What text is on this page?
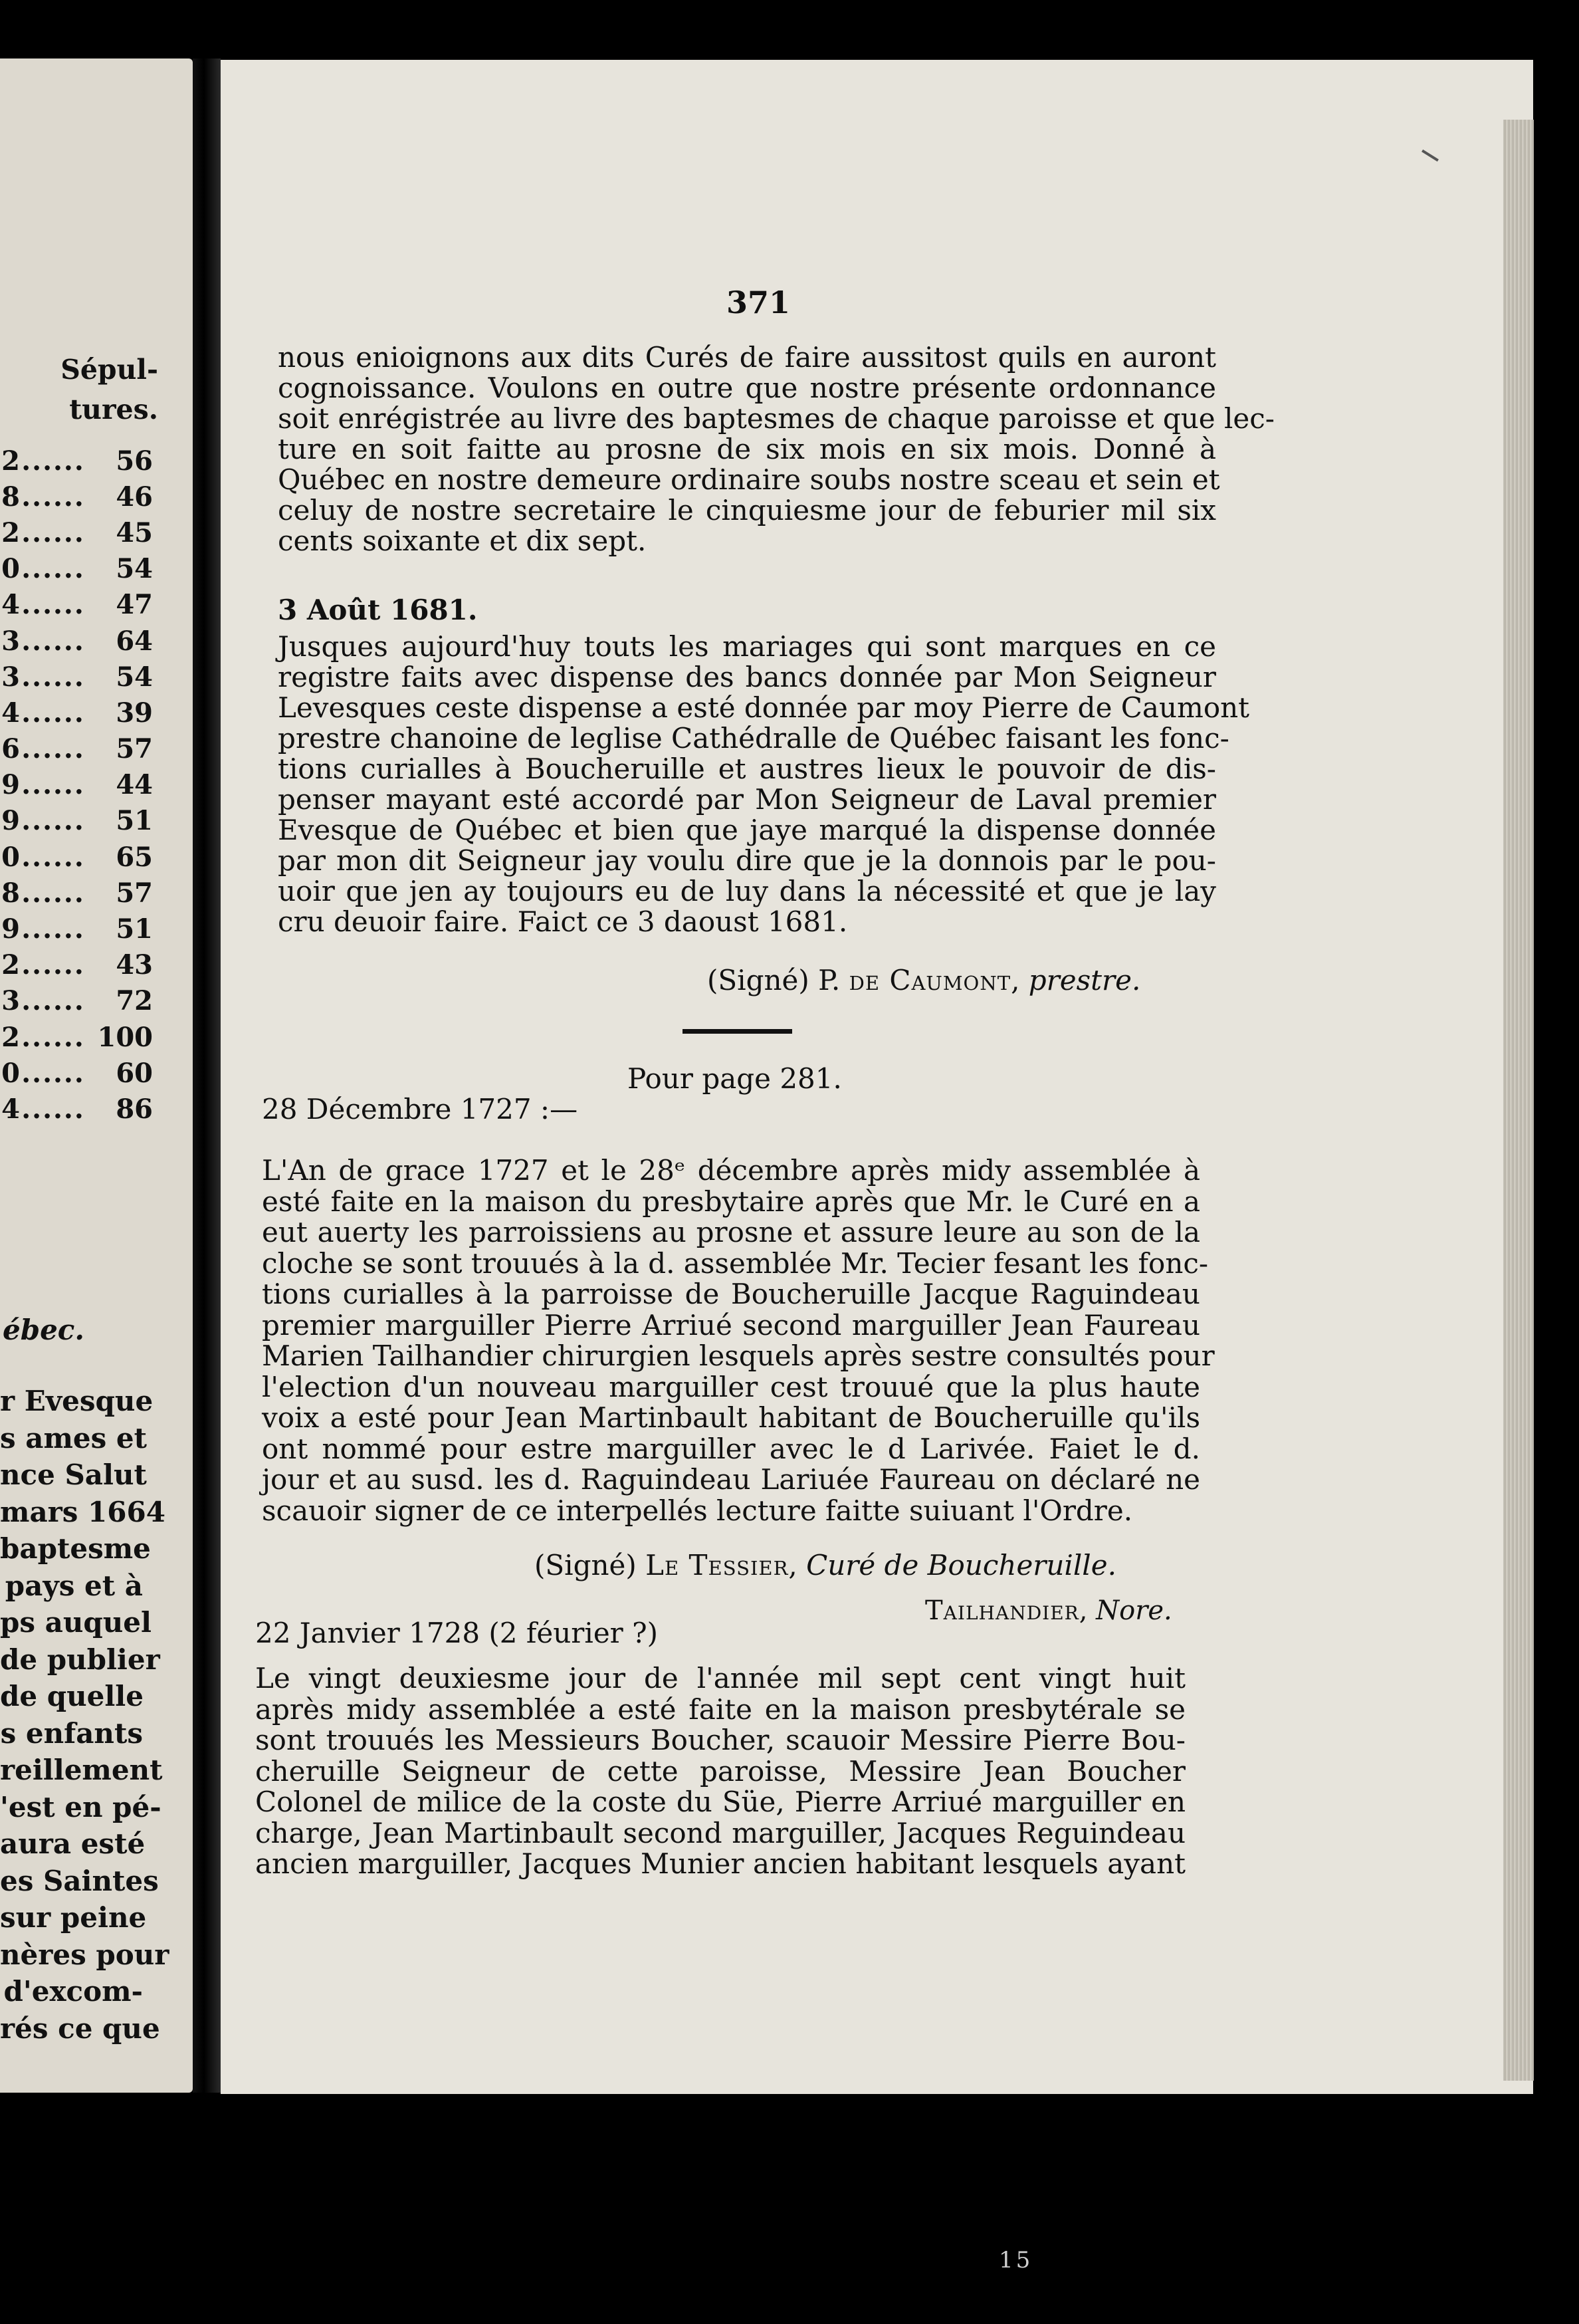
Sépul-
tures.
2 ......	56
8 ......	46
2 ......	45
0 ......	54
4 ......	47
3 ......	64
3 ......	54
4 ......	39
6 ......	57
9 ......	44
9 ......	51
0 ......	65
8 ......	57
9 ......	51
2 ......	43
3 ......	72
2 ...... 100
0 ......	60
4 ......	86
ébec.
r Evesque
s ames et
nce Salut
mars 1664
baptesme
pays et à
ps auquel
de publier
de quelle
s enfants
reillement
'est en pé-
aura esté
es Saintes
sur peine
nères pour
d'excom-
rés ce que
371
nous enioignons aux dits Curés de faire aussitost quils en auront
cognoissance. Voulons en outre que nostre présente ordonnance
soit enrégistrée au livre des baptesmes de chaque paroisse et que lec-
ture en soit faitte au prosne de six mois en six mois. Donné à
Québec en nostre demeure ordinaire soubs nostre sceau et sein et
celuy de nostre secretaire le cinquiesme jour de feburier mil six
cents soixante et dix sept.
3 Août 1681.
Jusques aujourd'huy touts les mariages qui sont marques en ce
registre faits avec dispense des bancs donnée par Mon Seigneur
Levesques ceste dispense a esté donnée par moy Pierre de Caumont
prestre chanoine de leglise Cathédralle de Québec faisant les fonc-
tions curialles à Boucheruille et austres lieux le pouvoir de dis-
penser mayant esté accordé par Mon Seigneur de Laval premier
Evesque de Québec et bien que jaye marqué la dispense donnée
par mon dit Seigneur jay voulu dire que je la donnois par le pou-
uoir que jen ay toujours eu de luy dans la nécessité et que je lay
cru deuoir faire. Faict ce 3 daoust 1681.
(Signé) P. de Caumont, prestre.
Pour page 281.
28 Décembre 1727 :—
L'An de grace 1727 et le 28ᵉ décembre après midy assemblée à
esté faite en la maison du presbytaire après que Mr. le Curé en a
eut auerty les parroissiens au prosne et assure leure au son de la
cloche se sont trouués à la d. assemblée Mr. Tecier fesant les fonc-
tions curialles à la parroisse de Boucheruille Jacque Raguindeau
premier marguiller Pierre Arriué second marguiller Jean Faureau
Marien Tailhandier chirurgien lesquels après sestre consultés pour
l'election d'un nouveau marguiller cest trouué que la plus haute
voix a esté pour Jean Martinbault habitant de Boucheruille qu'ils
ont nommé pour estre marguiller avec le d Larivée. Faiet le d.
jour et au susd. les d. Raguindeau Lariuée Faureau on déclaré ne
scauoir signer de ce interpellés lecture faitte suiuant l'Ordre.
(Signé) Le Tessier, Curé de Boucheruille.
Tailhandier, Nore.
22 Janvier 1728 (2 féurier ?)
Le vingt deuxiesme jour de l'année mil sept cent vingt huit
après midy assemblée a esté faite en la maison presbytérale se
sont trouués les Messieurs Boucher, scauoir Messire Pierre Bou-
cheruille Seigneur de cette paroisse, Messire Jean Boucher
Colonel de milice de la coste du Süe, Pierre Arriué marguiller en
charge, Jean Martinbault second marguiller, Jacques Reguindeau
ancien marguiller, Jacques Munier ancien habitant lesquels ayant
15
